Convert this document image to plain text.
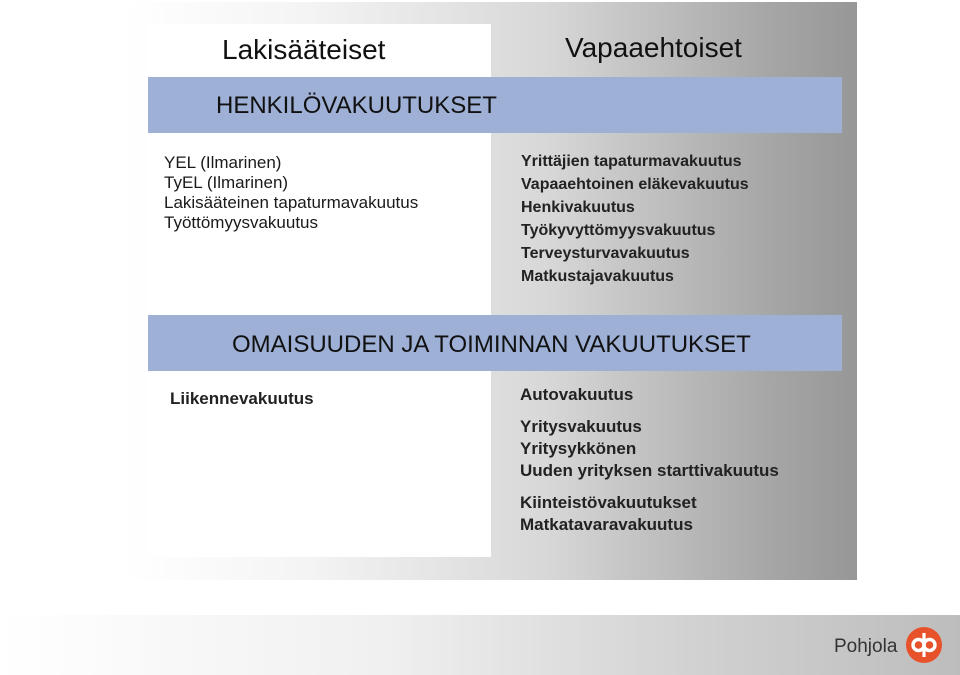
Lakisääteiset	Vapaaehtoiset
HENKILÖVAKUUTUKSET
YEL (Ilmarinen)
TyEL (Ilmarinen)
Lakisääteinen tapaturmavakuutus
Työttömyysvakuutus
Yrittäjien tapaturmavakuutus
Vapaaehtoinen eläkevakuutus
Henkivakuutus
Työkyvyttömyysvakuutus
Terveysturvavakuutus
Matkustajavakuutus
OMAISUUDEN JA TOIMINNAN VAKUUTUKSET
Liikennevakuutus	Autovakuutus
Yritysvakuutus
Yritysykkönen
Uuden yrityksen starttivakuutus
Kiinteistövakuutukset
Matkatavaravakuutus
Pohjola
